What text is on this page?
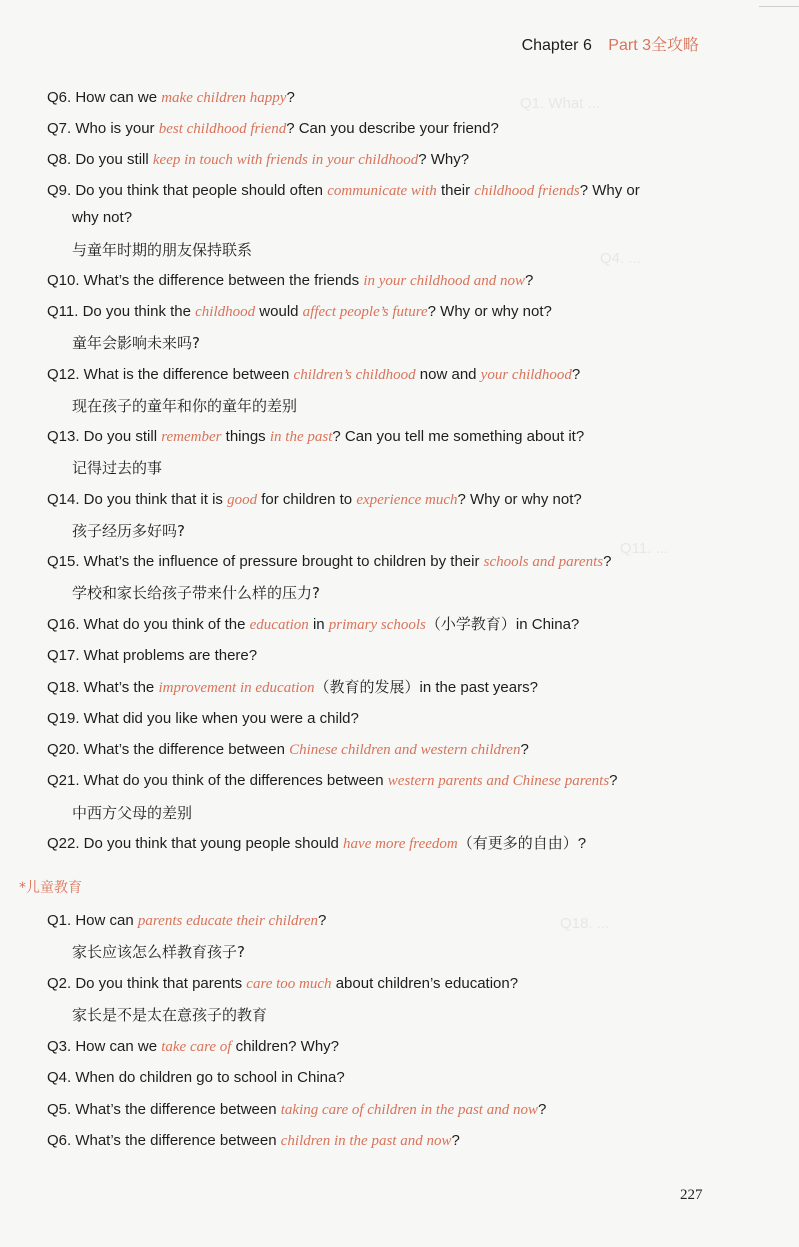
Chapter 6 Part 3全攻略
Q1. What ...
Q4. ...
Q11. ...
Q18. ...
Q6. How can we make children happy?
Q7. Who is your best childhood friend? Can you describe your friend?
Q8. Do you still keep in touch with friends in your childhood? Why?
Q9. Do you think that people should often communicate with their childhood friends? Why or
why not?
与童年时期的朋友保持联系
Q10. What’s the difference between the friends in your childhood and now?
Q11. Do you think the childhood would affect people’s future? Why or why not?
童年会影响未来吗?
Q12. What is the difference between children’s childhood now and your childhood?
现在孩子的童年和你的童年的差别
Q13. Do you still remember things in the past? Can you tell me something about it?
记得过去的事
Q14. Do you think that it is good for children to experience much? Why or why not?
孩子经历多好吗?
Q15. What’s the influence of pressure brought to children by their schools and parents?
学校和家长给孩子带来什么样的压力?
Q16. What do you think of the education in primary schools（小学教育）in China?
Q17. What problems are there?
Q18. What’s the improvement in education（教育的发展）in the past years?
Q19. What did you like when you were a child?
Q20. What’s the difference between Chinese children and western children?
Q21. What do you think of the differences between western parents and Chinese parents?
中西方父母的差别
Q22. Do you think that young people should have more freedom（有更多的自由）?
Q1. How can parents educate their children?
家长应该怎么样教育孩子?
Q2. Do you think that parents care too much about children’s education?
家长是不是太在意孩子的教育
Q3. How can we take care of children? Why?
Q4. When do children go to school in China?
Q5. What’s the difference between taking care of children in the past and now?
Q6. What’s the difference between children in the past and now?
*儿童教育
227
